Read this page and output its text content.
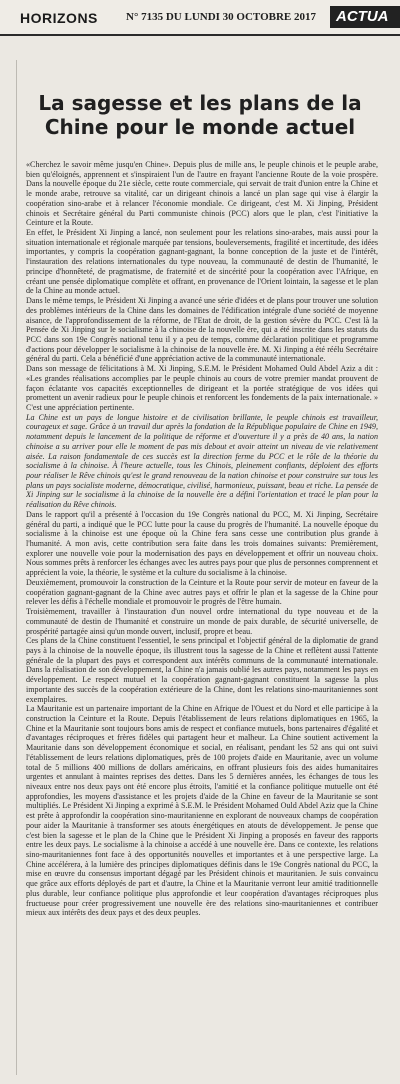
HORIZONS	N° 7135 DU LUNDI 30 OCTOBRE 2017	ACTUA
La sagesse et les plans de la Chine pour le monde actuel

«Cherchez le savoir même jusqu'en Chine». Depuis plus de mille ans, le peuple chinois et le peuple arabe, bien qu'éloignés, apprennent et s'inspiraient l'un de l'autre en frayant l'ancienne Route de la voie prospère. Dans la nouvelle époque du 21e siècle, cette route commerciale, qui servait de trait d'union entre la Chine et le monde arabe, retrouve sa vitalité, car un dirigeant chinois a lancé un plan sage qui vise à élargir la coopération sino-arabe et à relancer l'économie mondiale. Ce dirigeant, c'est M. Xi Jinping, Président chinois et Secrétaire général du Parti communiste chinois (PCC) alors que le plan, c'est l'initiative la Ceinture et la Route.

En effet, le Président Xi Jinping a lancé, non seulement pour les relations sino-arabes, mais aussi pour la situation internationale et régionale marquée par tensions, bouleversements, fragilité et incertitude, des idées importantes, y compris la coopération gagnant-gagnant, la bonne conception de la juste et de l'intérêt, l'instauration des relations internationales du type nouveau, la communauté de destin de l'humanité, le principe d'honnêteté, de pragmatisme, de fraternité et de sincérité pour la coopération avec l'Afrique, en créant une pensée diplomatique complète et offrant, en provenance de l'Orient lointain, la sagesse et le plan de la Chine au monde actuel.

Dans le même temps, le Président Xi Jinping a avancé une série d'idées et de plans pour trouver une solution des problèmes intérieurs de la Chine dans les domaines de l'édification intégrale d'une société de moyenne aisance, de l'approfondissement de la réforme, de l'Etat de droit, de la gestion sévère du PCC. C'est là la Pensée de Xi Jinping sur le socialisme à la chinoise de la nouvelle ère, qui a été inscrite dans les statuts du PCC dans son 19e Congrès national tenu il y a peu de temps, comme déclaration politique et programme d'actions pour développer le socialisme à la chinoise de la nouvelle ère. M. Xi Jinping a été réélu Secrétaire général du parti. Cela a bénéficié d'une appréciation active de la communauté internationale.

Dans son message de félicitations à M. Xi Jinping, S.E.M. le Président Mohamed Ould Abdel Aziz a dit : «Les grandes réalisations accomplies par le peuple chinois au cours de votre premier mandat prouvent de façon éclatante vos capacités exceptionnelles de dirigeant et la portée stratégique de vos idées qui promettent un avenir radieux pour le peuple chinois et renforcent les fondements de la paix internationale. » C'est une appréciation pertinente.

La Chine est un pays de longue histoire et de civilisation brillante, le peuple chinois est travailleur, courageux et sage. Grâce à un travail dur après la fondation de la République populaire de Chine en 1949, notamment depuis le lancement de la politique de réforme et d'ouverture il y a près de 40 ans, la nation chinoise a su arriver pour elle le moment de pas mis debout et avoir atteint un niveau de vie relativement aisée. La raison fondamentale de ces succès est la direction ferme du PCC et le rôle de la théorie du socialisme à la chinoise. À l'heure actuelle, tous les Chinois, pleinement confiants, déploient des efforts pour réaliser le Rêve chinois qu'est le grand renouveau de la nation chinoise et pour construire sur tous les plans un pays socialiste moderne, démocratique, civilisé, harmonieux, puissant, beau et riche. La pensée de Xi Jinping sur le socialisme à la chinoise de la nouvelle ère a défini l'orientation et tracé le plan pour la réalisation du Rêve chinois.

Dans le rapport qu'il a présenté à l'occasion du 19e Congrès national du PCC, M. Xi Jinping, Secrétaire général du parti, a indiqué que le PCC lutte pour la cause du progrès de l'humanité. La nouvelle époque du socialisme à la chinoise est une époque où la Chine fera sans cesse une contribution plus grande à l'humanité. A mon avis, cette contribution sera faite dans les trois domaines suivants: Premièrement, explorer une nouvelle voie pour la modernisation des pays en développement et offrir un nouveau choix. Nous sommes prêts à renforcer les échanges avec les autres pays pour que plus de personnes comprennent et apprécient la voie, la théorie, le système et la culture du socialisme à la chinoise.

Deuxièmement, promouvoir la construction de la Ceinture et la Route pour servir de moteur en faveur de la coopération gagnant-gagnant de la Chine avec autres pays et offrir le plan et la sagesse de la Chine pour relever les défis à l'échelle mondiale et promouvoir le progrès de l'être humain.

Troisièmement, travailler à l'instauration d'un nouvel ordre international du type nouveau et de la communauté de destin de l'humanité et construire un monde de paix durable, de sécurité universelle, de prospérité partagée ainsi qu'un monde ouvert, inclusif, propre et beau.

Ces plans de la Chine constituent l'essentiel, le sens principal et l'objectif général de la diplomatie de grand pays à la chinoise de la nouvelle époque, ils illustrent tous la sagesse de la Chine et reflètent aussi l'attente générale de la plupart des pays et correspondent aux intérêts communs de la communauté internationale. Dans la réalisation de son développement, la Chine n'a jamais oublié les autres pays, notamment les pays en développement. Le respect mutuel et la coopération gagnant-gagnant constituent la sagesse la plus importante des succès de la coopération extérieure de la Chine, dont les relations sino-mauritaniennes sont exemplaires.

La Mauritanie est un partenaire important de la Chine en Afrique de l'Ouest et du Nord et elle participe à la construction la Ceinture et la Route. Depuis l'établissement de leurs relations diplomatiques en 1965, la Chine et la Mauritanie sont toujours bons amis de respect et confiance mutuels, bons partenaires d'égalité et d'avantages réciproques et frères fidèles qui partagent heur et malheur. La Chine soutient activement la Mauritanie dans son développement économique et social, en réalisant, pendant les 52 ans qui ont suivi l'établissement de leurs relations diplomatiques, près de 100 projets d'aide en Mauritanie, avec un volume total de 5 millions 400 millions de dollars américains, en offrant plusieurs fois des aides humanitaires urgentes et annulant à maintes reprises des dettes. Dans les 5 dernières années, les échanges de tous les niveaux entre nos deux pays ont été encore plus étroits, l'amitié et la confiance politique mutuelle ont été approfondies, les moyens d'assistance et les projets d'aide de la Chine en faveur de la Mauritanie se sont multipliés. Le Président Xi Jinping a exprimé à S.E.M. le Président Mohamed Ould Abdel Aziz que la Chine est prête à approfondir la coopération sino-mauritanienne en explorant de nouveaux champs de coopération pour aider la Mauritanie à transformer ses atouts énergétiques en atouts de développement. Je pense que c'est bien la sagesse et le plan de la Chine que le Président Xi Jinping a proposés en faveur des rapports entre les deux pays. Le socialisme à la chinoise a accédé à une nouvelle ère. Dans ce contexte, les relations sino-mauritaniennes font face à des opportunités nouvelles et importantes et à une perspective large. La Chine accélérera, à la lumière des principes diplomatiques définis dans le 19e Congrès national du PCC, la mise en œuvre du consensus important dégagé par les Président chinois et mauritanien. Je suis convaincu que grâce aux efforts déployés de part et d'autre, la Chine et la Mauritanie verront leur amitié traditionnelle plus durable, leur confiance politique plus approfondie et leur coopération d'avantages réciproques plus fructueuse pour créer progressivement une nouvelle ère des relations sino-mauritaniennes et contribuer mieux aux intérêts des deux pays et des deux peuples.
